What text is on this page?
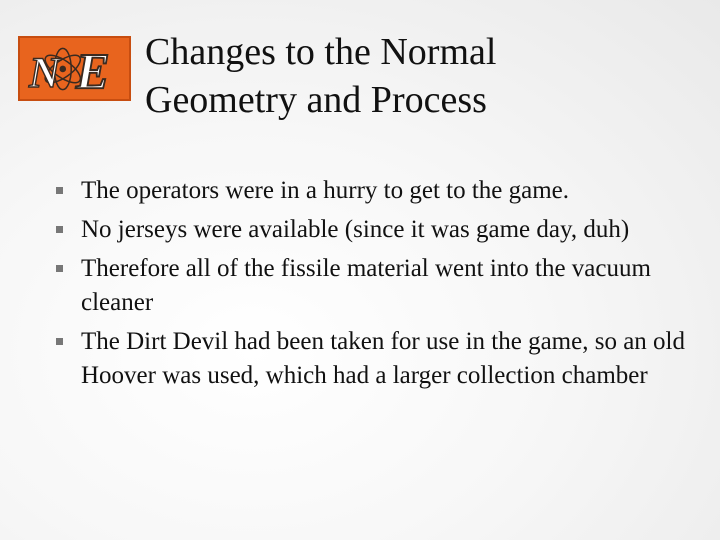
N E Changes to the Normal
Geometry and Process
The operators were in a hurry to get to the game.
No jerseys were available (since it was game day, duh)
Therefore all of the fissile material went into the vacuum cleaner
The Dirt Devil had been taken for use in the game, so an old Hoover was used, which had a larger collection chamber
